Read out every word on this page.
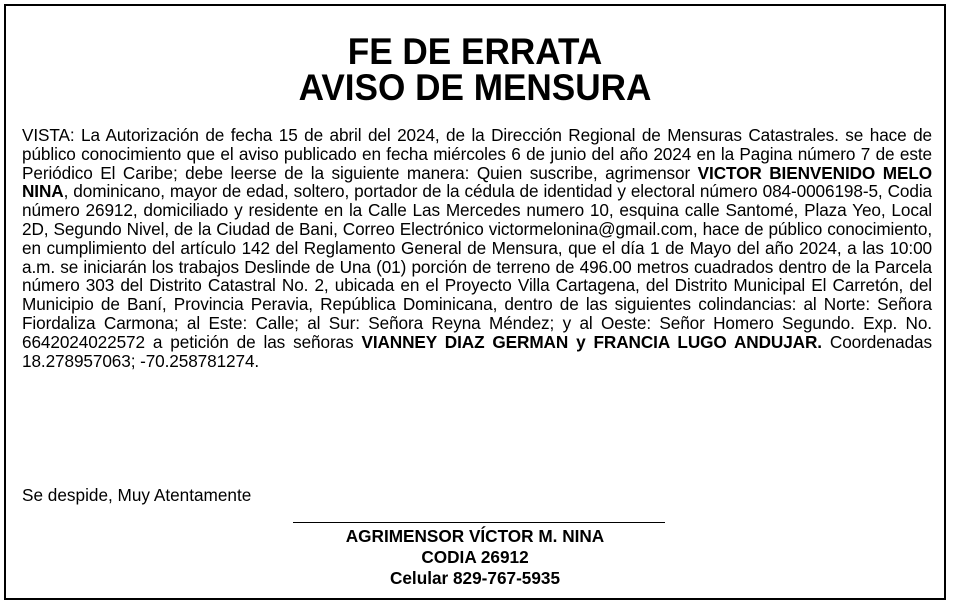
FE DE ERRATA
AVISO DE MENSURA

VISTA: La Autorización de fecha 15 de abril del 2024, de la Dirección Regional de Mensuras Catastrales. se hace de público conocimiento que el aviso publicado en fecha miércoles 6 de junio del año 2024 en la Pagina número 7 de este Periódico El Caribe; debe leerse de la siguiente manera: Quien suscribe, agrimensor VICTOR BIENVENIDO MELO NINA, dominicano, mayor de edad, soltero, portador de la cédula de identidad y electoral número 084-0006198-5, Codia número 26912, domiciliado y residente en la Calle Las Mercedes numero 10, esquina calle Santomé, Plaza Yeo, Local 2D, Segundo Nivel, de la Ciudad de Bani, Correo Electrónico victormelonina@gmail.com, hace de público conocimiento, en cumplimiento del artículo 142 del Reglamento General de Mensura, que el día 1 de Mayo del año 2024, a las 10:00 a.m. se iniciarán los trabajos Deslinde de Una (01) porción de terreno de 496.00 metros cuadrados dentro de la Parcela número 303 del Distrito Catastral No. 2, ubicada en el Proyecto Villa Cartagena, del Distrito Municipal El Carretón, del Municipio de Baní, Provincia Peravia, República Dominicana, dentro de las siguientes colindancias: al Norte: Señora Fiordaliza Carmona; al Este: Calle; al Sur: Señora Reyna Méndez; y al Oeste: Señor Homero Segundo. Exp. No. 6642024022572 a petición de las señoras VIANNEY DIAZ GERMAN y FRANCIA LUGO ANDUJAR. Coordenadas 18.278957063; -70.258781274.

Se despide, Muy Atentamente
AGRIMENSOR VÍCTOR M. NINA
CODIA 26912
Celular 829-767-5935
